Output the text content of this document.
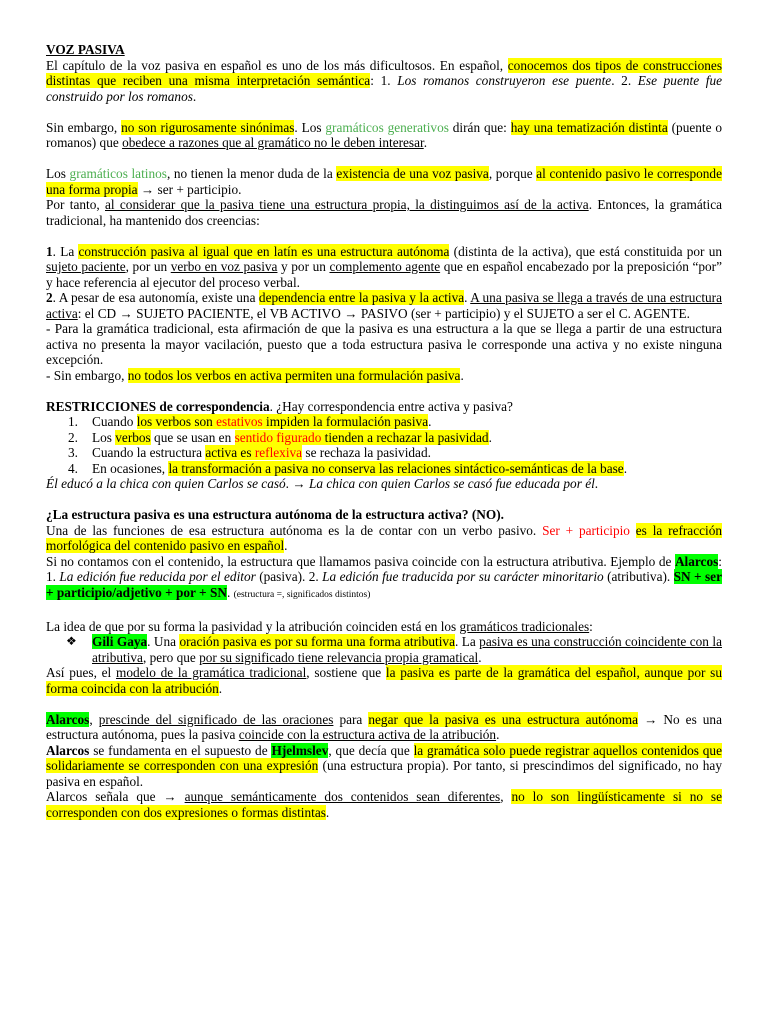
VOZ PASIVA

El capítulo de la voz pasiva en español es uno de los más dificultosos. En español, conocemos dos tipos de construcciones distintas que reciben una misma interpretación semántica: 1. Los romanos construyeron ese puente. 2. Ese puente fue construido por los romanos.

Sin embargo, no son rigurosamente sinónimas. Los gramáticos generativos dirán que: hay una tematización distinta (puente o romanos) que obedece a razones que al gramático no le deben interesar.

Los gramáticos latinos, no tienen la menor duda de la existencia de una voz pasiva, porque al contenido pasivo le corresponde una forma propia → ser + participio.

Por tanto, al considerar que la pasiva tiene una estructura propia, la distinguimos así de la activa. Entonces, la gramática tradicional, ha mantenido dos creencias:

1. La construcción pasiva al igual que en latín es una estructura autónoma (distinta de la activa), que está constituida por un sujeto paciente, por un verbo en voz pasiva y por un complemento agente que en español encabezado por la preposición “por” y hace referencia al ejecutor del proceso verbal.

2. A pesar de esa autonomía, existe una dependencia entre la pasiva y la activa. A una pasiva se llega a través de una estructura activa: el CD → SUJETO PACIENTE, el VB ACTIVO → PASIVO (ser + participio) y el SUJETO a ser el C. AGENTE.

- Para la gramática tradicional, esta afirmación de que la pasiva es una estructura a la que se llega a partir de una estructura activa no presenta la mayor vacilación, puesto que a toda estructura pasiva le corresponde una activa y no existe ninguna excepción.

- Sin embargo, no todos los verbos en activa permiten una formulación pasiva.

RESTRICCIONES de correspondencia. ¿Hay correspondencia entre activa y pasiva?

1. Cuando los verbos son estativos impiden la formulación pasiva.
2. Los verbos que se usan en sentido figurado tienden a rechazar la pasividad.
3. Cuando la estructura activa es reflexiva se rechaza la pasividad.
4. En ocasiones, la transformación a pasiva no conserva las relaciones sintáctico-semánticas de la base.

Él educó a la chica con quien Carlos se casó. → La chica con quien Carlos se casó fue educada por él.

¿La estructura pasiva es una estructura autónoma de la estructura activa? (NO).

Una de las funciones de esa estructura autónoma es la de contar con un verbo pasivo. Ser + participio es la refracción morfológica del contenido pasivo en español.

Si no contamos con el contenido, la estructura que llamamos pasiva coincide con la estructura atributiva. Ejemplo de Alarcos: 1. La edición fue reducida por el editor (pasiva). 2. La edición fue traducida por su carácter minoritario (atributiva). SN + ser + participio/adjetivo + por + SN. (estructura =, significados distintos)

La idea de que por su forma la pasividad y la atribución coinciden está en los gramáticos tradicionales:

❖ Gili Gaya. Una oración pasiva es por su forma una forma atributiva. La pasiva es una construcción coincidente con la atributiva, pero que por su significado tiene relevancia propia gramatical.

Así pues, el modelo de la gramática tradicional, sostiene que la pasiva es parte de la gramática del español, aunque por su forma coincida con la atribución.

Alarcos, prescinde del significado de las oraciones para negar que la pasiva es una estructura autónoma → No es una estructura autónoma, pues la pasiva coincide con la estructura activa de la atribución.

Alarcos se fundamenta en el supuesto de Hjelmslev, que decía que la gramática solo puede registrar aquellos contenidos que solidariamente se corresponden con una expresión (una estructura propia). Por tanto, si prescindimos del significado, no hay pasiva en español.

Alarcos señala que → aunque semánticamente dos contenidos sean diferentes, no lo son lingüísticamente si no se corresponden con dos expresiones o formas distintas.
